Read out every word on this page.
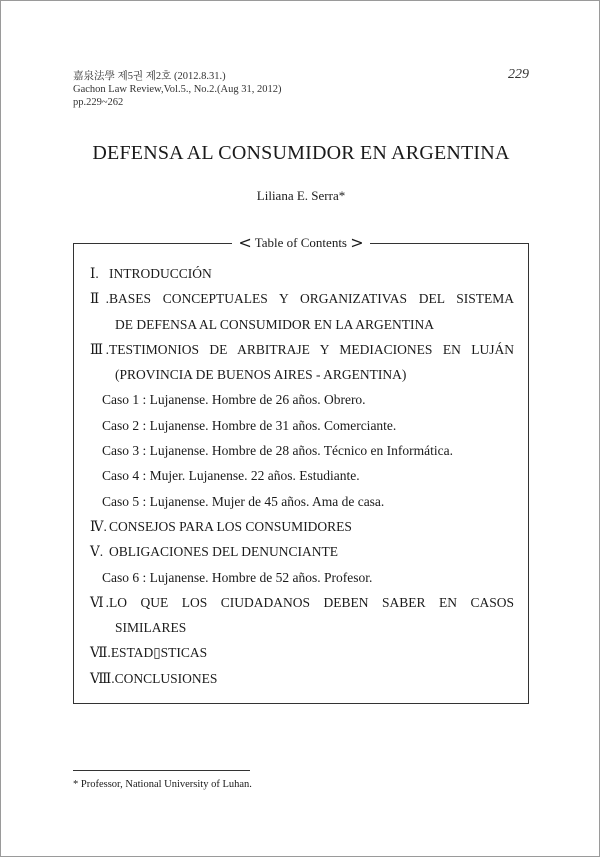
嘉泉法學 제5권 제2호 (2012.8.31.)
Gachon Law Review,Vol.5., No.2.(Aug 31, 2012)
pp.229~262
229
DEFENSA AL CONSUMIDOR EN ARGENTINA
Liliana E. Serra*
< Table of Contents >
Ⅰ. INTRODUCCIÓN
Ⅱ.BASES CONCEPTUALES Y ORGANIZATIVAS DEL SISTEMA
DE DEFENSA AL CONSUMIDOR EN LA ARGENTINA
Ⅲ.TESTIMONIOS DE ARBITRAJE Y MEDIACIONES EN LUJÁN
(PROVINCIA DE BUENOS AIRES - ARGENTINA)
Caso 1 : Lujanense. Hombre de 26 años. Obrero.
Caso 2 : Lujanense. Hombre de 31 años. Comerciante.
Caso 3 : Lujanense. Hombre de 28 años. Técnico en Informática.
Caso 4 : Mujer. Lujanense. 22 años. Estudiante.
Caso 5 : Lujanense. Mujer de 45 años. Ama de casa.
Ⅳ. CONSEJOS PARA LOS CONSUMIDORES
Ⅴ. OBLIGACIONES DEL DENUNCIANTE
Caso 6 : Lujanense. Hombre de 52 años. Profesor.
Ⅵ.LO QUE LOS CIUDADANOS DEBEN SABER EN CASOS
SIMILARES
Ⅶ.ESTAD▯STICAS
Ⅷ.CONCLUSIONES
* Professor, National University of Luhan.
